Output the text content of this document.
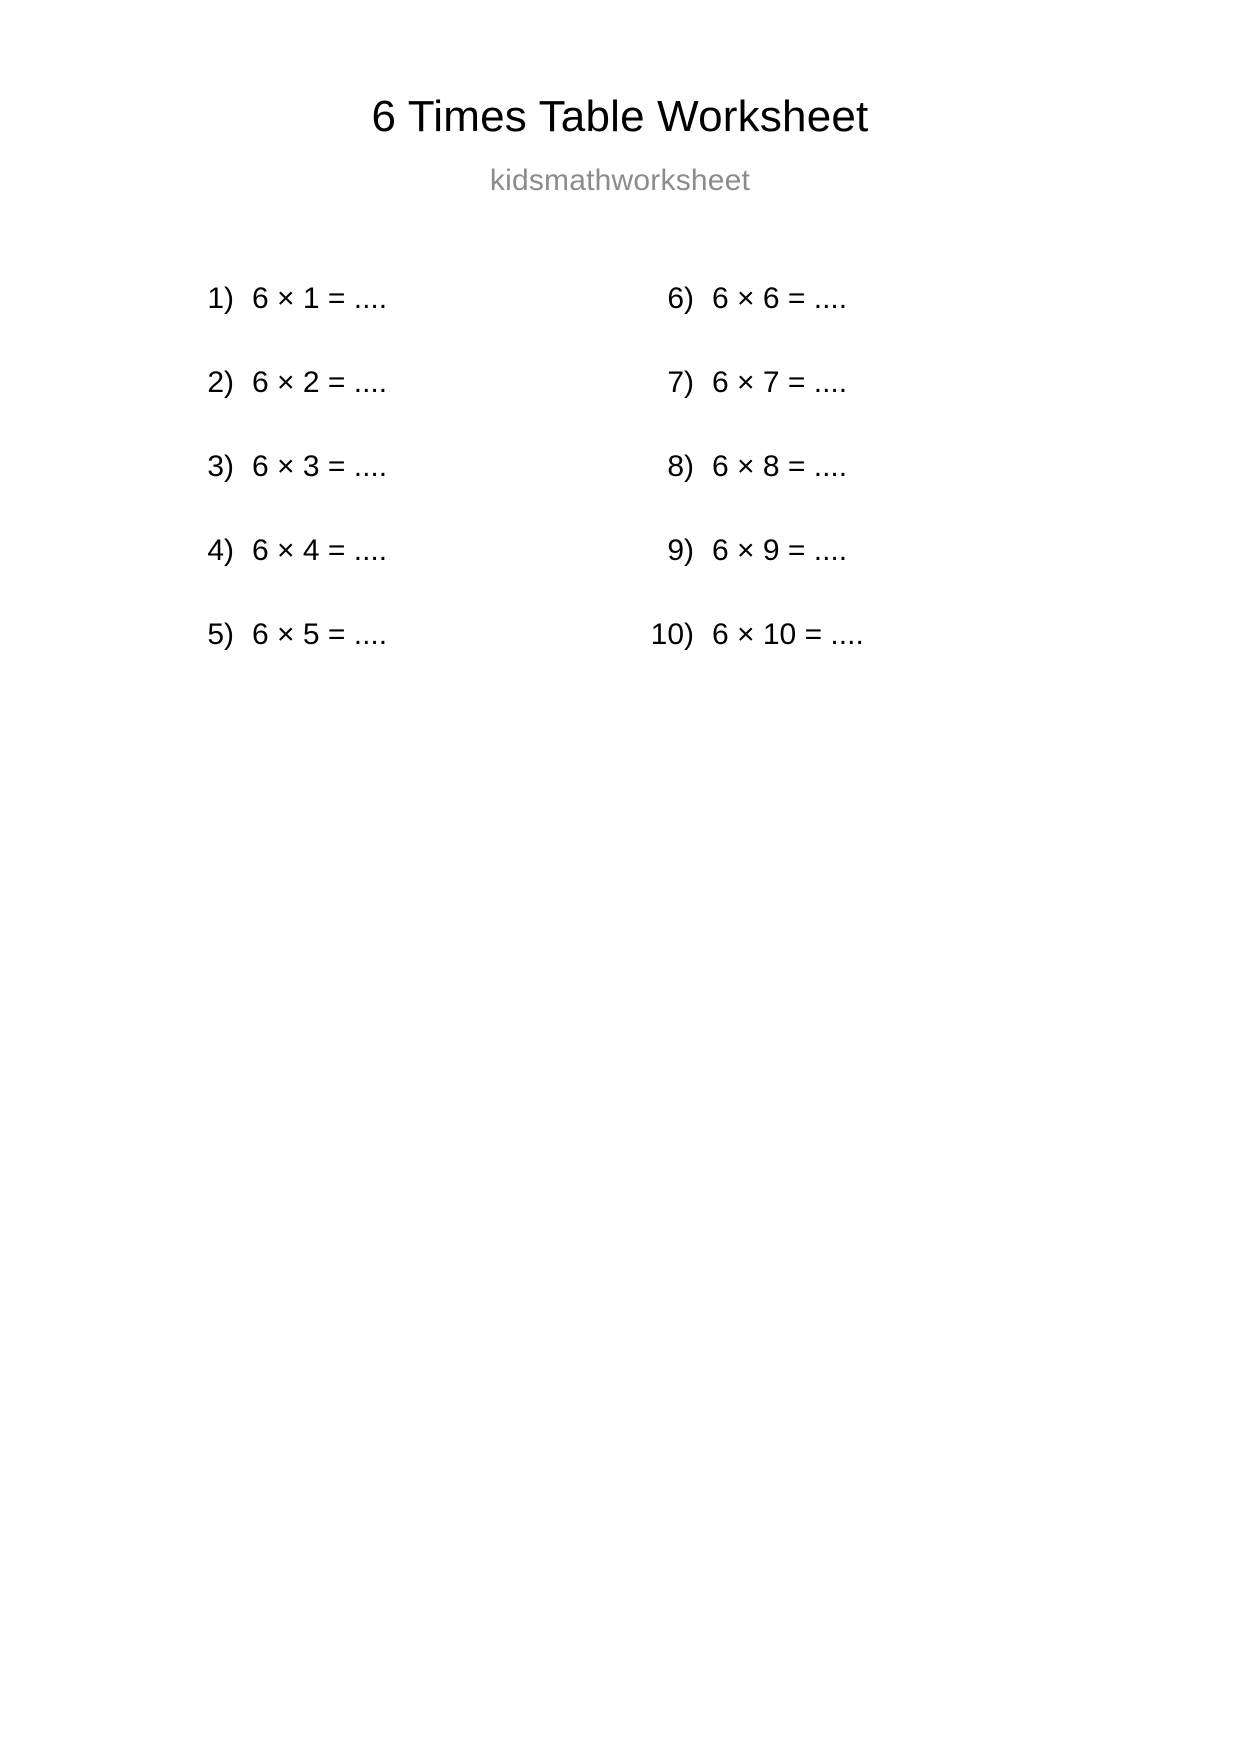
6 Times Table Worksheet
kidsmathworksheet
1) 6 × 1 = ....
2) 6 × 2 = ....
3) 6 × 3 = ....
4) 6 × 4 = ....
5) 6 × 5 = ....
6) 6 × 6 = ....
7) 6 × 7 = ....
8) 6 × 8 = ....
9) 6 × 9 = ....
10) 6 × 10 = ....
